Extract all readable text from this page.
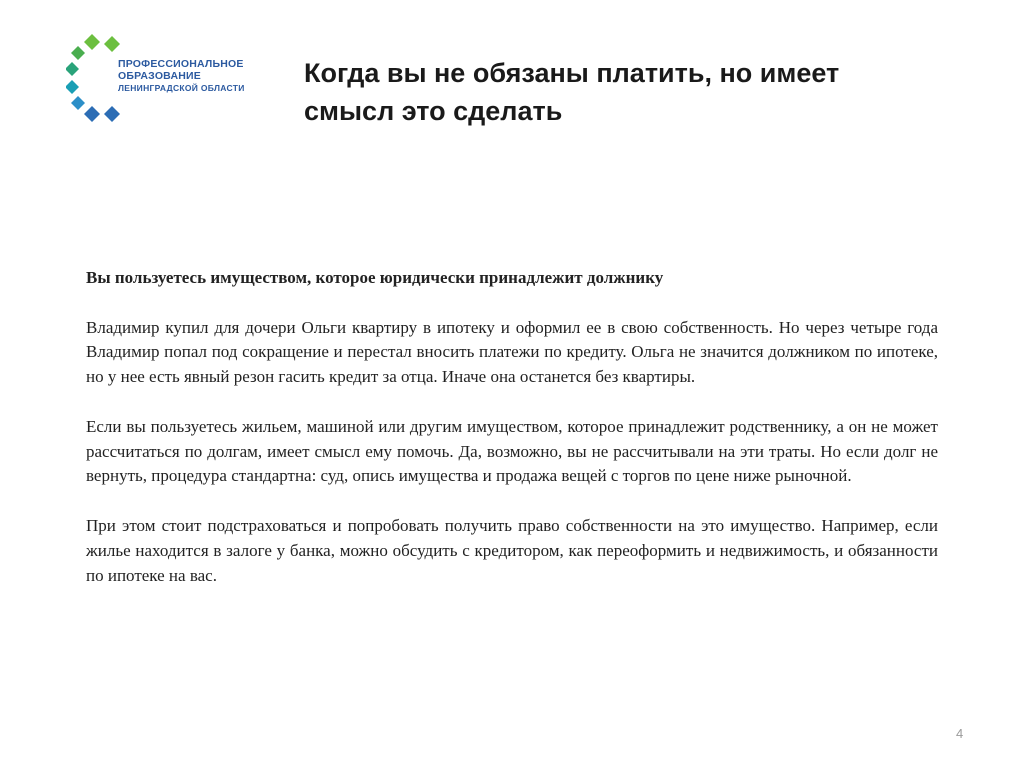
ПРОФЕССИОНАЛЬНОЕ
ОБРАЗОВАНИЕ
ЛЕНИНГРАДСКОЙ ОБЛАСТИ Когда вы не обязаны платить, но имеет смысл это сделать

Вы пользуетесь имуществом, которое юридически принадлежит должнику

Владимир купил для дочери Ольги квартиру в ипотеку и оформил ее в свою собственность. Но через четыре года Владимир попал под сокращение и перестал вносить платежи по кредиту. Ольга не значится должником по ипотеке, но у нее есть явный резон гасить кредит за отца. Иначе она останется без квартиры.

Если вы пользуетесь жильем, машиной или другим имуществом, которое принадлежит родственнику, а он не может рассчитаться по долгам, имеет смысл ему помочь. Да, возможно, вы не рассчитывали на эти траты. Но если долг не вернуть, процедура стандартна: суд, опись имущества и продажа вещей с торгов по цене ниже рыночной.

При этом стоит подстраховаться и попробовать получить право собственности на это имущество. Например, если жилье находится в залоге у банка, можно обсудить с кредитором, как переоформить и недвижимость, и обязанности по ипотеке на вас.

4
